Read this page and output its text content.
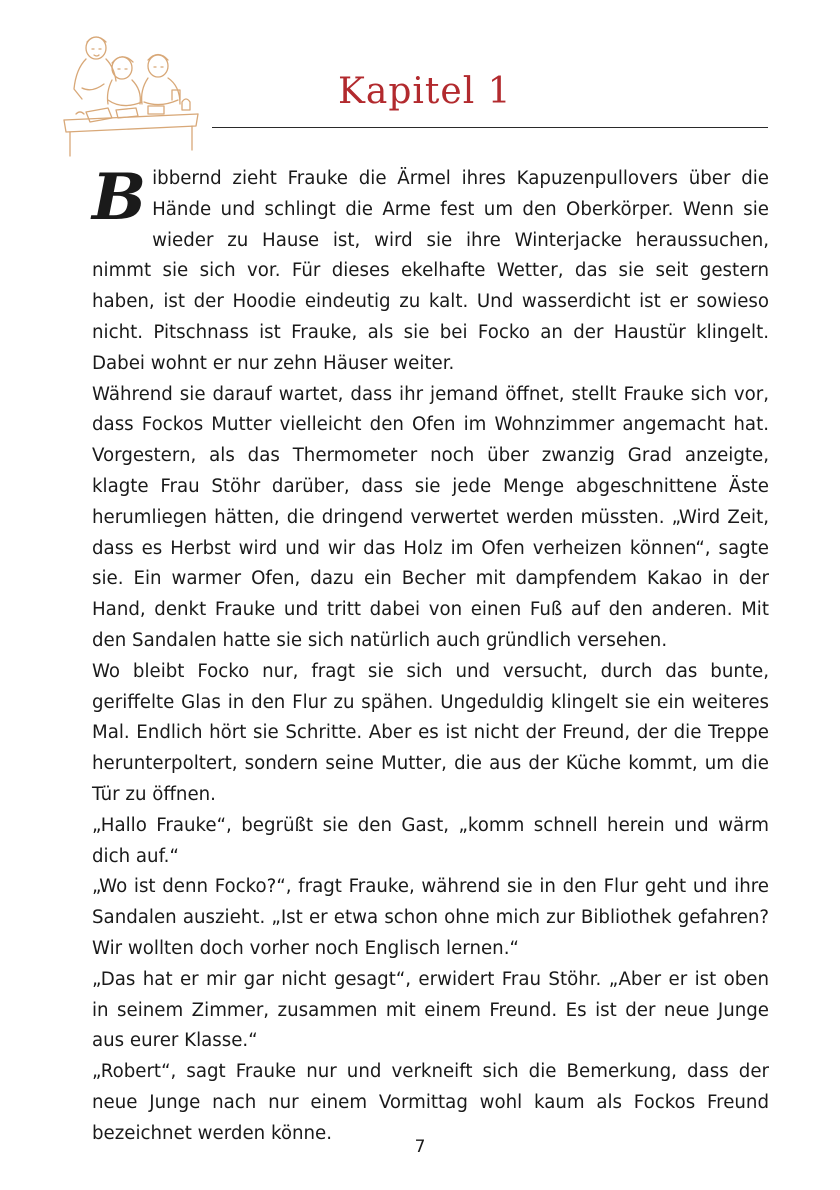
Kapitel 1

Bibbernd zieht Frauke die Ärmel ihres Kapuzenpullovers über die Hände und schlingt die Arme fest um den Oberkörper. Wenn sie wieder zu Hause ist, wird sie ihre Winterjacke heraussuchen, nimmt sie sich vor. Für dieses ekelhafte Wetter, das sie seit gestern haben, ist der Hoodie eindeutig zu kalt. Und wasserdicht ist er sowieso nicht. Pitschnass ist Frauke, als sie bei Focko an der Haustür klingelt. Dabei wohnt er nur zehn Häuser weiter.

Während sie darauf wartet, dass ihr jemand öffnet, stellt Frauke sich vor, dass Fockos Mutter vielleicht den Ofen im Wohnzimmer angemacht hat. Vorgestern, als das Thermometer noch über zwanzig Grad anzeigte, klagte Frau Stöhr darüber, dass sie jede Menge abgeschnittene Äste herumliegen hätten, die dringend verwertet werden müssten. „Wird Zeit, dass es Herbst wird und wir das Holz im Ofen verheizen können“, sagte sie. Ein warmer Ofen, dazu ein Becher mit dampfendem Kakao in der Hand, denkt Frauke und tritt dabei von einen Fuß auf den anderen. Mit den Sandalen hatte sie sich natürlich auch gründlich versehen.

Wo bleibt Focko nur, fragt sie sich und versucht, durch das bunte, geriffelte Glas in den Flur zu spähen. Ungeduldig klingelt sie ein weiteres Mal. Endlich hört sie Schritte. Aber es ist nicht der Freund, der die Treppe herunterpoltert, sondern seine Mutter, die aus der Küche kommt, um die Tür zu öffnen.

„Hallo Frauke“, begrüßt sie den Gast, „komm schnell herein und wärm dich auf.“

„Wo ist denn Focko?“, fragt Frauke, während sie in den Flur geht und ihre Sandalen auszieht. „Ist er etwa schon ohne mich zur Bibliothek gefahren? Wir wollten doch vorher noch Englisch lernen.“

„Das hat er mir gar nicht gesagt“, erwidert Frau Stöhr. „Aber er ist oben in seinem Zimmer, zusammen mit einem Freund. Es ist der neue Junge aus eurer Klasse.“

„Robert“, sagt Frauke nur und verkneift sich die Bemerkung, dass der neue Junge nach nur einem Vormittag wohl kaum als Fockos Freund bezeichnet werden könne.

7
